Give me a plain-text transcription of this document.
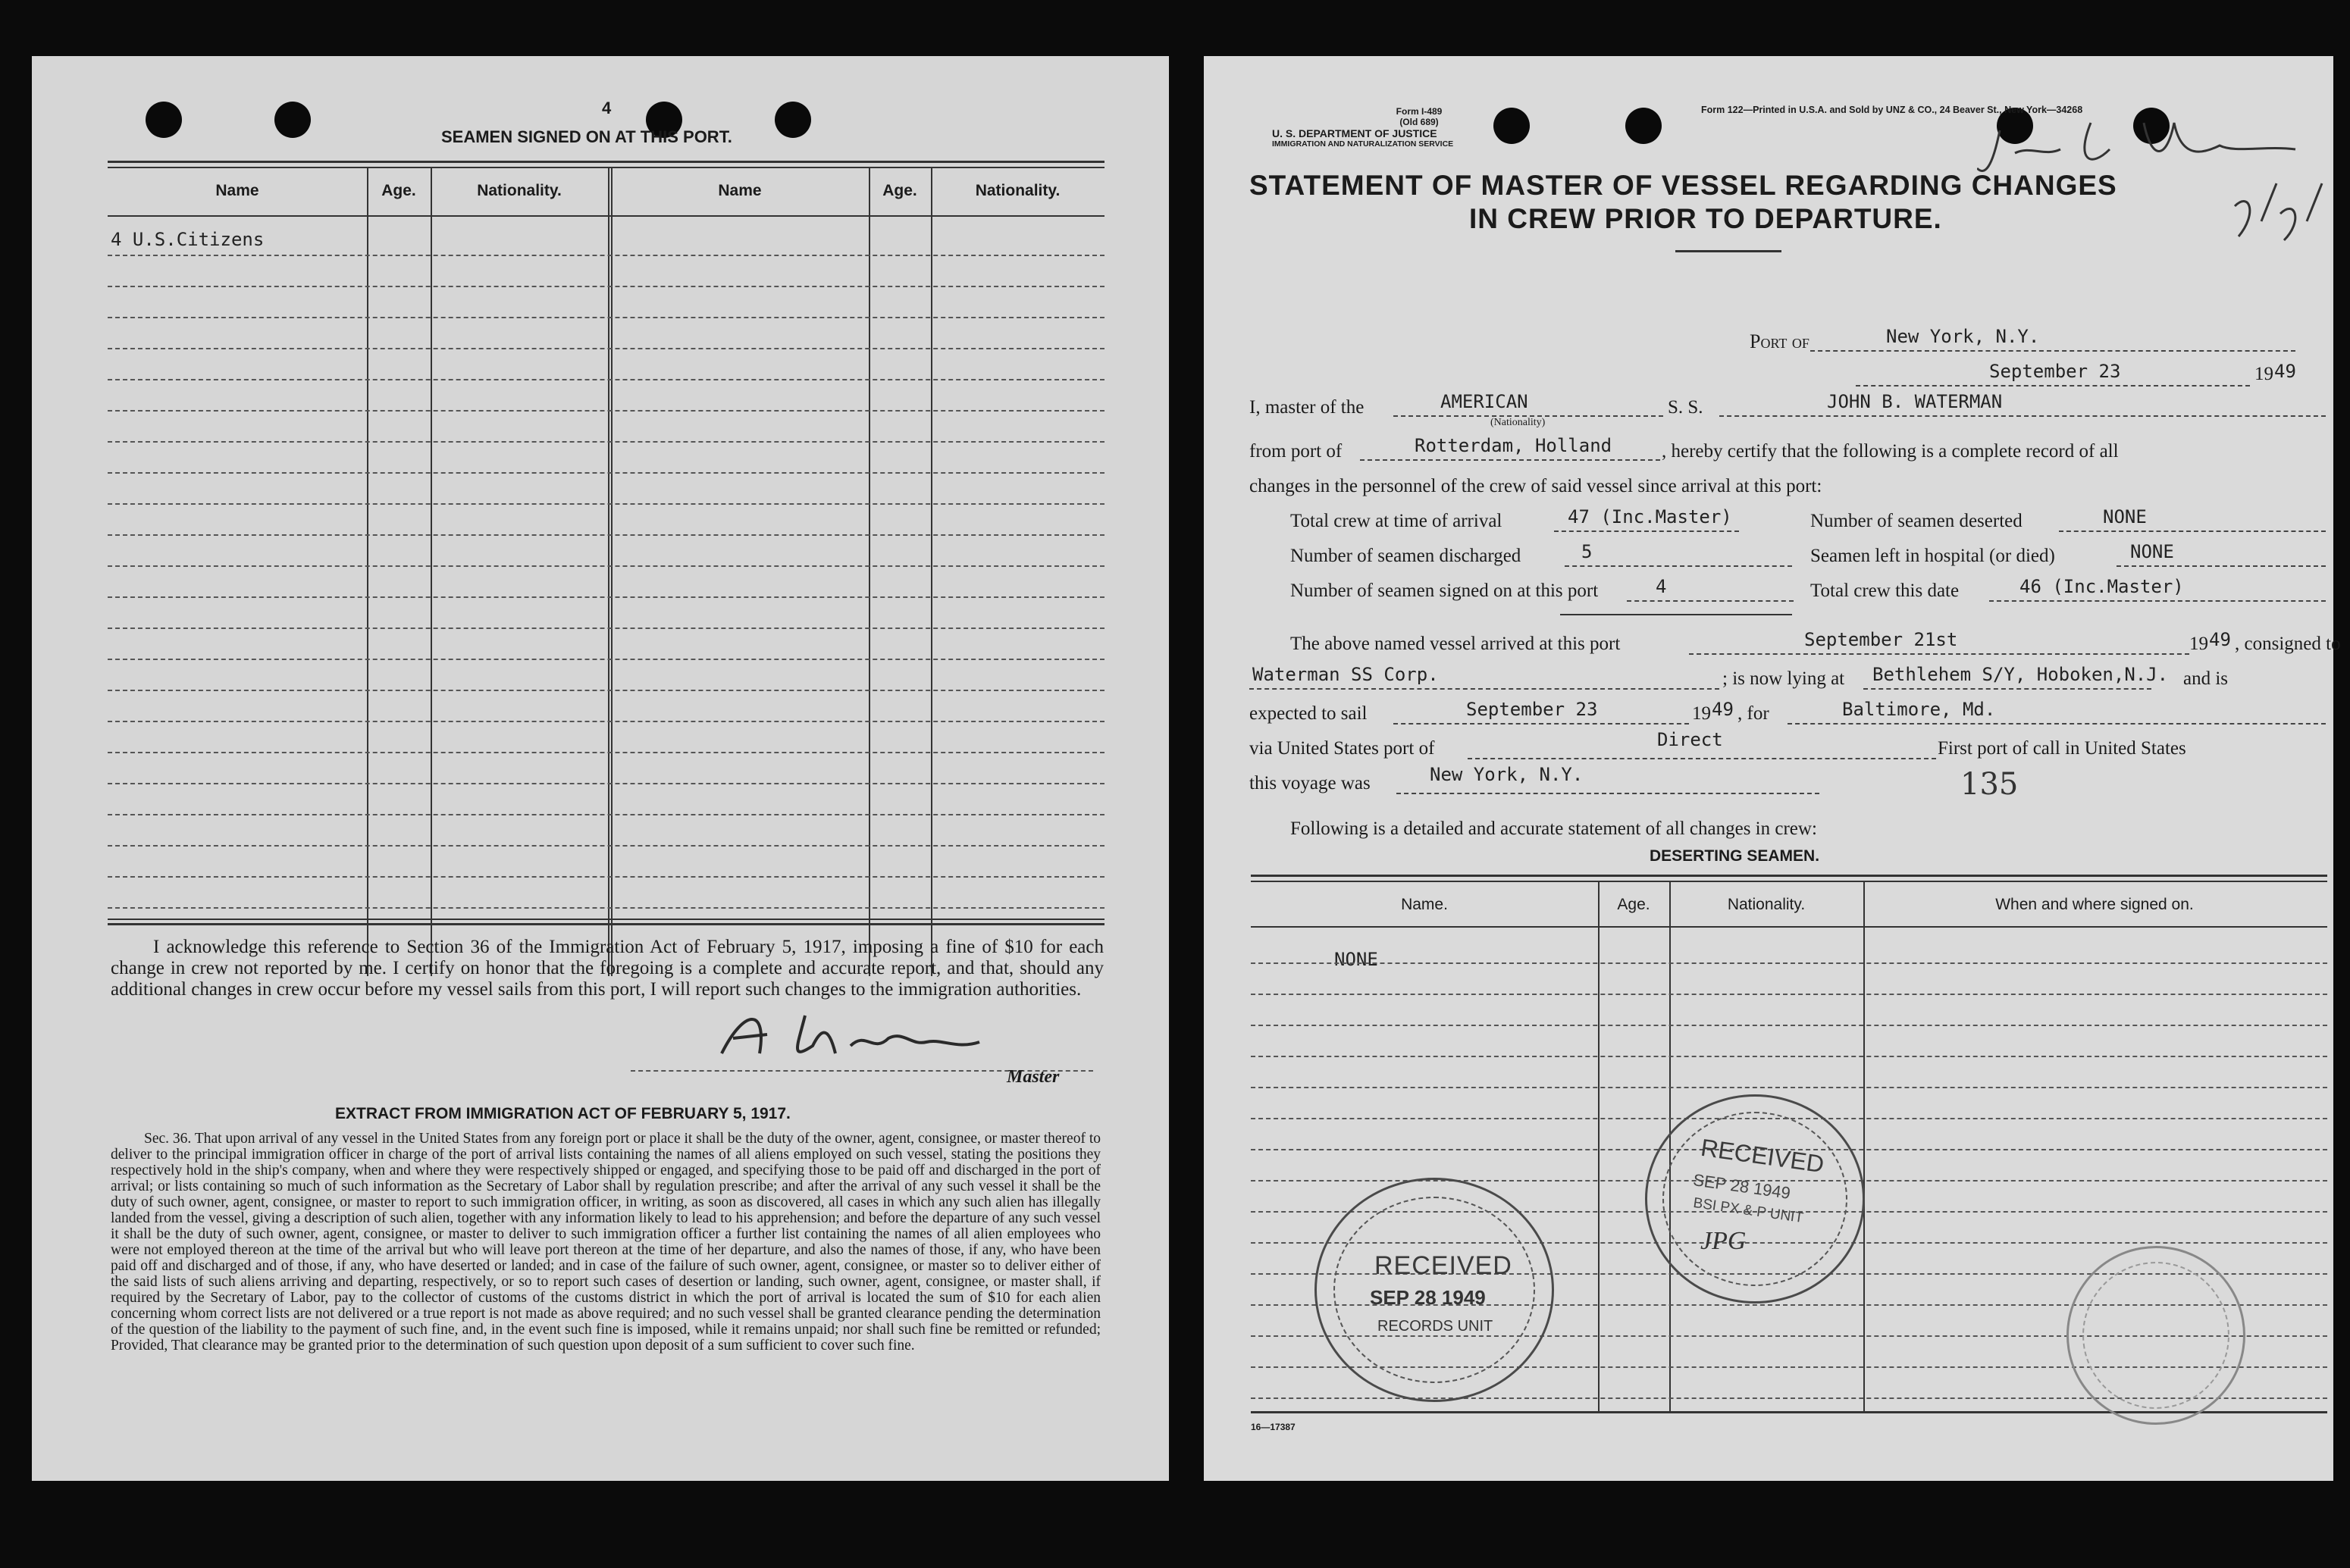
4
SEAMEN SIGNED ON AT THIS PORT.
Name	Age.	Nationality.	Name	Age.	Nationality.
4 U.S.Citizens
I acknowledge this reference to Section 36 of the Immigration Act of February 5, 1917, imposing a fine of $10 for each change in crew not reported by me. I certify on honor that the foregoing is a complete and accurate report, and that, should any additional changes in crew occur before my vessel sails from this port, I will report such changes to the immigration authorities.
Master
EXTRACT FROM IMMIGRATION ACT OF FEBRUARY 5, 1917.
Sec. 36. That upon arrival of any vessel in the United States from any foreign port or place it shall be the duty of the owner, agent, consignee, or master thereof to deliver to the principal immigration officer in charge of the port of arrival lists containing the names of all aliens employed on such vessel, stating the positions they respectively hold in the ship's company, when and where they were respectively shipped or engaged, and specifying those to be paid off and discharged in the port of arrival; or lists containing so much of such information as the Secretary of Labor shall by regulation prescribe; and after the arrival of any such vessel it shall be the duty of such owner, agent, consignee, or master to report to such immigration officer, in writing, as soon as discovered, all cases in which any such alien has illegally landed from the vessel, giving a description of such alien, together with any information likely to lead to his apprehension; and before the departure of any such vessel it shall be the duty of such owner, agent, consignee, or master to deliver to such immigration officer a further list containing the names of all alien employees who were not employed thereon at the time of the arrival but who will leave port thereon at the time of her departure, and also the names of those, if any, who have been paid off and discharged and of those, if any, who have deserted or landed; and in case of the failure of such owner, agent, consignee, or master so to deliver either of the said lists of such aliens arriving and departing, respectively, or so to report such cases of desertion or landing, such owner, agent, consignee, or master shall, if required by the Secretary of Labor, pay to the collector of customs of the customs district in which the port of arrival is located the sum of $10 for each alien concerning whom correct lists are not delivered or a true report is not made as above required; and no such vessel shall be granted clearance pending the determination of the question of the liability to the payment of such fine, and, in the event such fine is imposed, while it remains unpaid; nor shall such fine be remitted or refunded; Provided, That clearance may be granted prior to the determination of such question upon deposit of a sum sufficient to cover such fine.
Form I-489
(Old 689)
U. S. DEPARTMENT OF JUSTICE
IMMIGRATION AND NATURALIZATION SERVICE
Form 122—Printed in U.S.A. and Sold by UNZ & CO., 24 Beaver St., New York—34268
STATEMENT OF MASTER OF VESSEL REGARDING CHANGES
IN CREW PRIOR TO DEPARTURE.
Port of	New York, N.Y.
September 23	19 49
I, master of the	AMERICAN
(Nationality)
S. S.	JOHN B. WATERMAN
from port of	Rotterdam, Holland	, hereby certify that the following is a complete record of all
changes in the personnel of the crew of said vessel since arrival at this port:
Total crew at time of arrival	47 (Inc.Master)	Number of seamen deserted	NONE
Number of seamen discharged	5	Seamen left in hospital (or died)	NONE
Number of seamen signed on at this port	4	Total crew this date	46 (Inc.Master)
The above named vessel arrived at this port	September 21st	19 49 , consigned to
Waterman SS Corp.	; is now lying at Bethlehem S/Y, Hoboken,N.J. and is
expected to sail	September 23	19 49 , for	Baltimore, Md.
via United States port of	Direct	First port of call in United States
this voyage was	New York, N.Y.	135
Following is a detailed and accurate statement of all changes in crew:
DESERTING SEAMEN.
Name.	Age.	Nationality.	When and where signed on.
NONE
16—17387
RECEIVED
SEP 28 1949
RECORDS UNIT
RECEIVED
SEP 28 1949
BSI PX & P UNIT
JPG
